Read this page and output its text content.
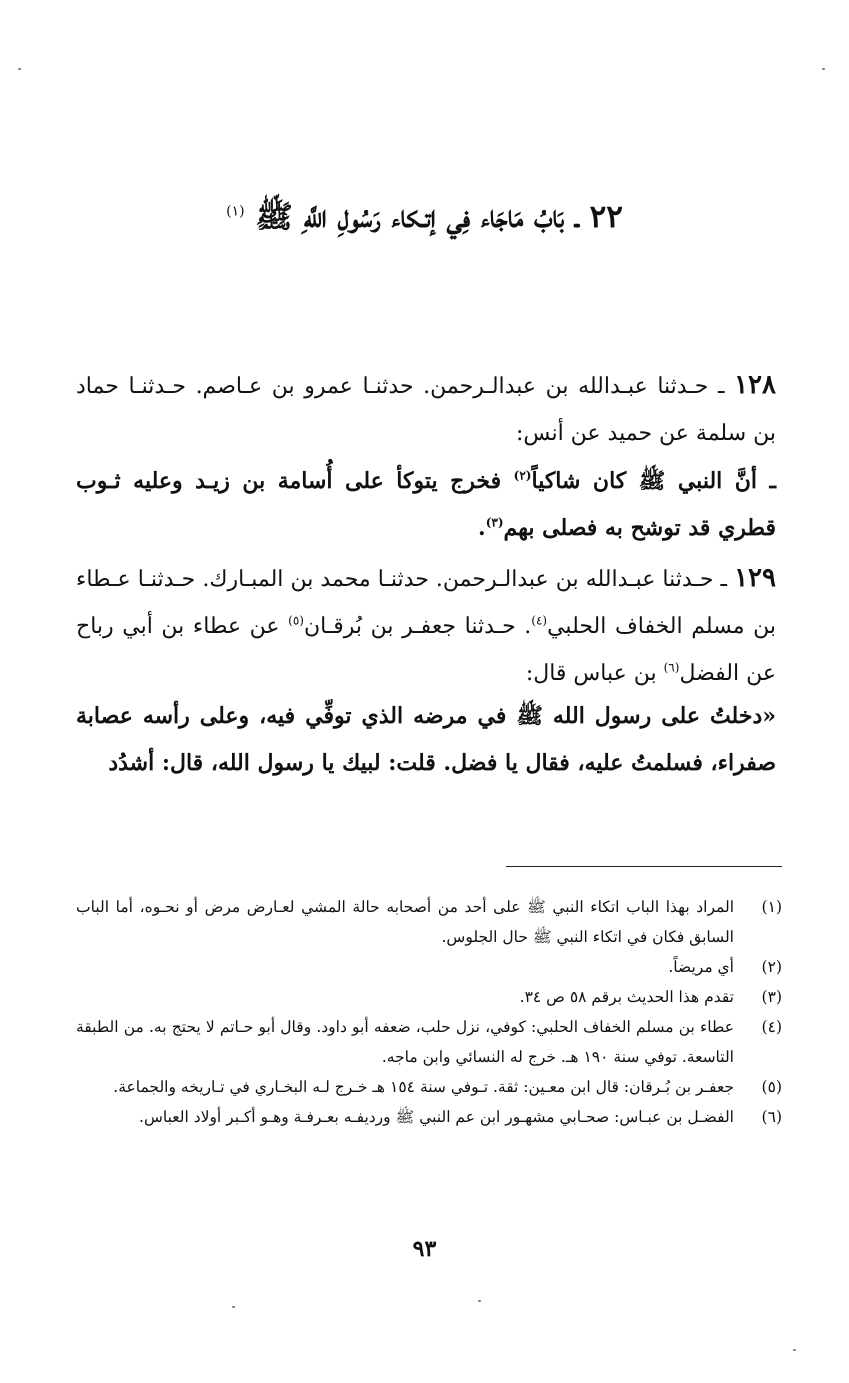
٢٢ ـ بَابُ مَاجَاء فِي إتـكاء رَسُولِ اللَّهِ ﷺ $^{(١)}$
١٢٨ ـ حـدثنا عبـدالله بن عبدالـرحمن. حدثنـا عمرو بن عـاصم. حـدثنـا حماد بن سلمة عن حميد عن أنس:
ـ أنَّ النبي ﷺ كان شاكياً$^{(٢)}$ فخرج يتوكأ على أُسامة بن زيـد وعليه ثـوب قطري قد توشح به فصلى بهم$^{(٣)}$.
١٢٩ ـ حـدثنا عبـدالله بن عبدالـرحمن. حدثنـا محمد بن المبـارك. حـدثنـا عـطاء بن مسلم الخفاف الحلبي$^{(٤)}$. حـدثنا جعفـر بن بُرقـان$^{(٥)}$ عن عطاء بن أبي رباح عن الفضل$^{(٦)}$ بن عباس قال:
«دخلتُ على رسول الله ﷺ في مرضه الذي توفِّي فيه، وعلى رأسه عصابة صفراء، فسلمتُ عليه، فقال يا فضل. قلت: لبيك يا رسول الله، قال: أشدُد
(١)
المراد بهذا الباب اتكاء النبي ﷺ على أحد من أصحابه حالة المشي لعـارض مرض أو نحـوه، أما الباب السابق فكان في اتكاء النبي ﷺ حال الجلوس.
(٢)
أي مريضاً.
(٣)
تقدم هذا الحديث برقم ٥٨ ص ٣٤.
(٤)
عطاء بن مسلم الخفاف الحلبي: كوفي، نزل حلب، ضعفه أبو داود. وقال أبو حـاتم لا يحتج به. من الطبقة التاسعة. توفي سنة ١٩٠ هـ. خرج له النسائي وابن ماجه.
(٥)
جعفـر بن بُـرقان: قال ابن معـين: ثقة. تـوفي سنة ١٥٤ هـ خـرج لـه البخـاري في تـاريخه والجماعة.
(٦)
الفضـل بن عبـاس: صحـابي مشهـور ابن عم النبي ﷺ ورديفـه بعـرفـة وهـو أكـبر أولاد العباس.
٩٣
